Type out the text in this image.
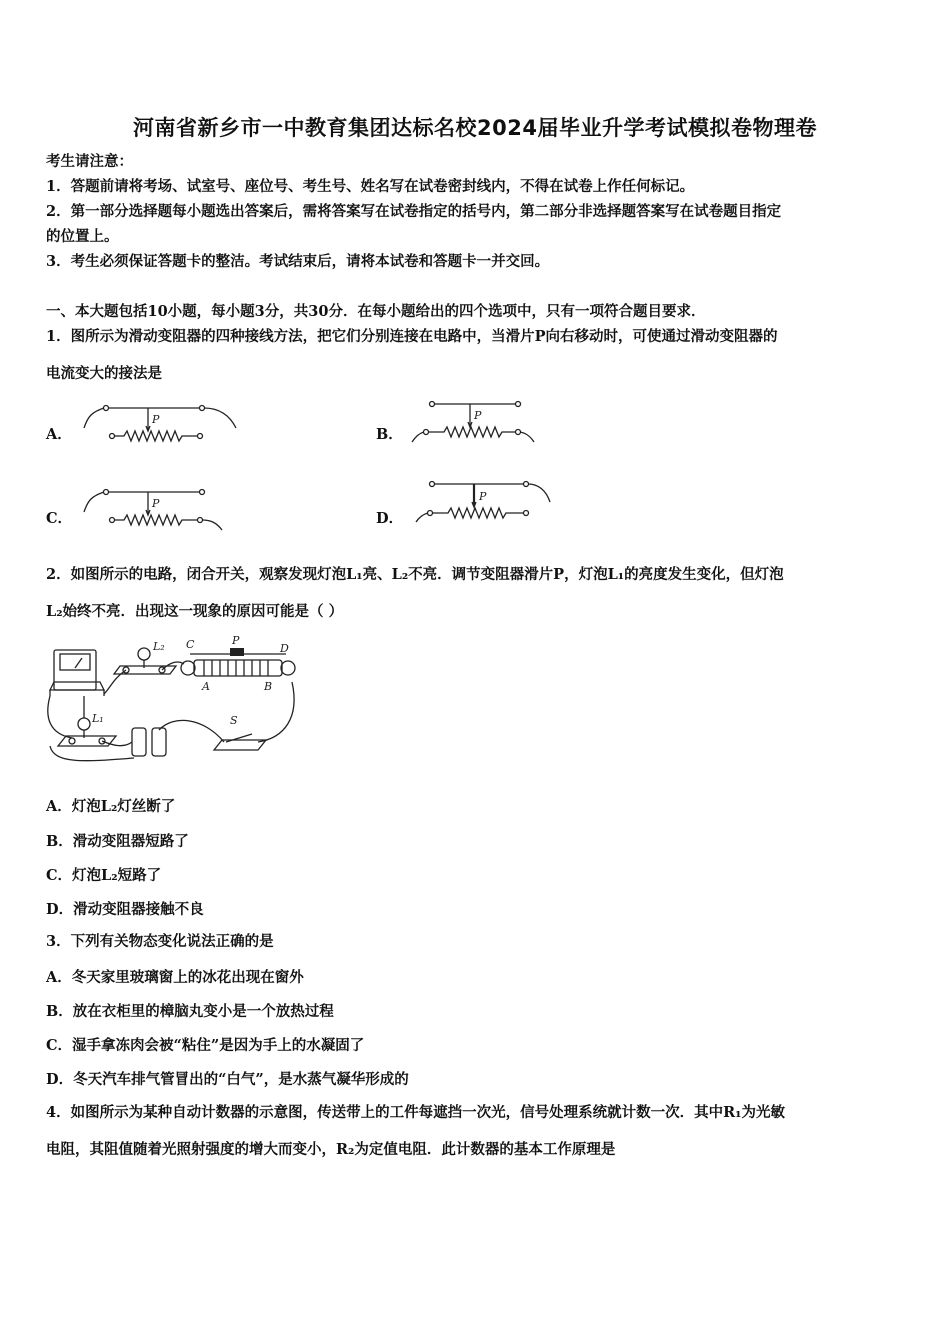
河南省新乡市一中教育集团达标名校2024届毕业升学考试模拟卷物理卷
考生请注意：
1．答题前请将考场、试室号、座位号、考生号、姓名写在试卷密封线内，不得在试卷上作任何标记。
2．第一部分选择题每小题选出答案后，需将答案写在试卷指定的括号内，第二部分非选择题答案写在试卷题目指定
的位置上。
3．考生必须保证答题卡的整洁。考试结束后，请将本试卷和答题卡一并交回。
一、本大题包括10小题，每小题3分，共30分．在每小题给出的四个选项中，只有一项符合题目要求．
1．图所示为滑动变阻器的四种接线方法，把它们分别连接在电路中，当滑片P向右移动时，可使通过滑动变阻器的
电流变大的接法是
A．	B．
C．	D．
P	P
P
P
2．如图所示的电路，闭合开关，观察发现灯泡L₁亮、L₂不亮．调节变阻器滑片P，灯泡L₁的亮度发生变化，但灯泡
L₂始终不亮．出现这一现象的原因可能是（ ）
L₂ C	P
D
A	B
L₁	S
A．灯泡L₂灯丝断了
B．滑动变阻器短路了
C．灯泡L₂短路了
D．滑动变阻器接触不良
3．下列有关物态变化说法正确的是
A．冬天家里玻璃窗上的冰花出现在窗外
B．放在衣柜里的樟脑丸变小是一个放热过程
C．湿手拿冻肉会被“粘住”是因为手上的水凝固了
D．冬天汽车排气管冒出的“白气”，是水蒸气凝华形成的
4．如图所示为某种自动计数器的示意图，传送带上的工件每遮挡一次光，信号处理系统就计数一次．其中R₁为光敏
电阻，其阻值随着光照射强度的增大而变小，R₂为定值电阻．此计数器的基本工作原理是
